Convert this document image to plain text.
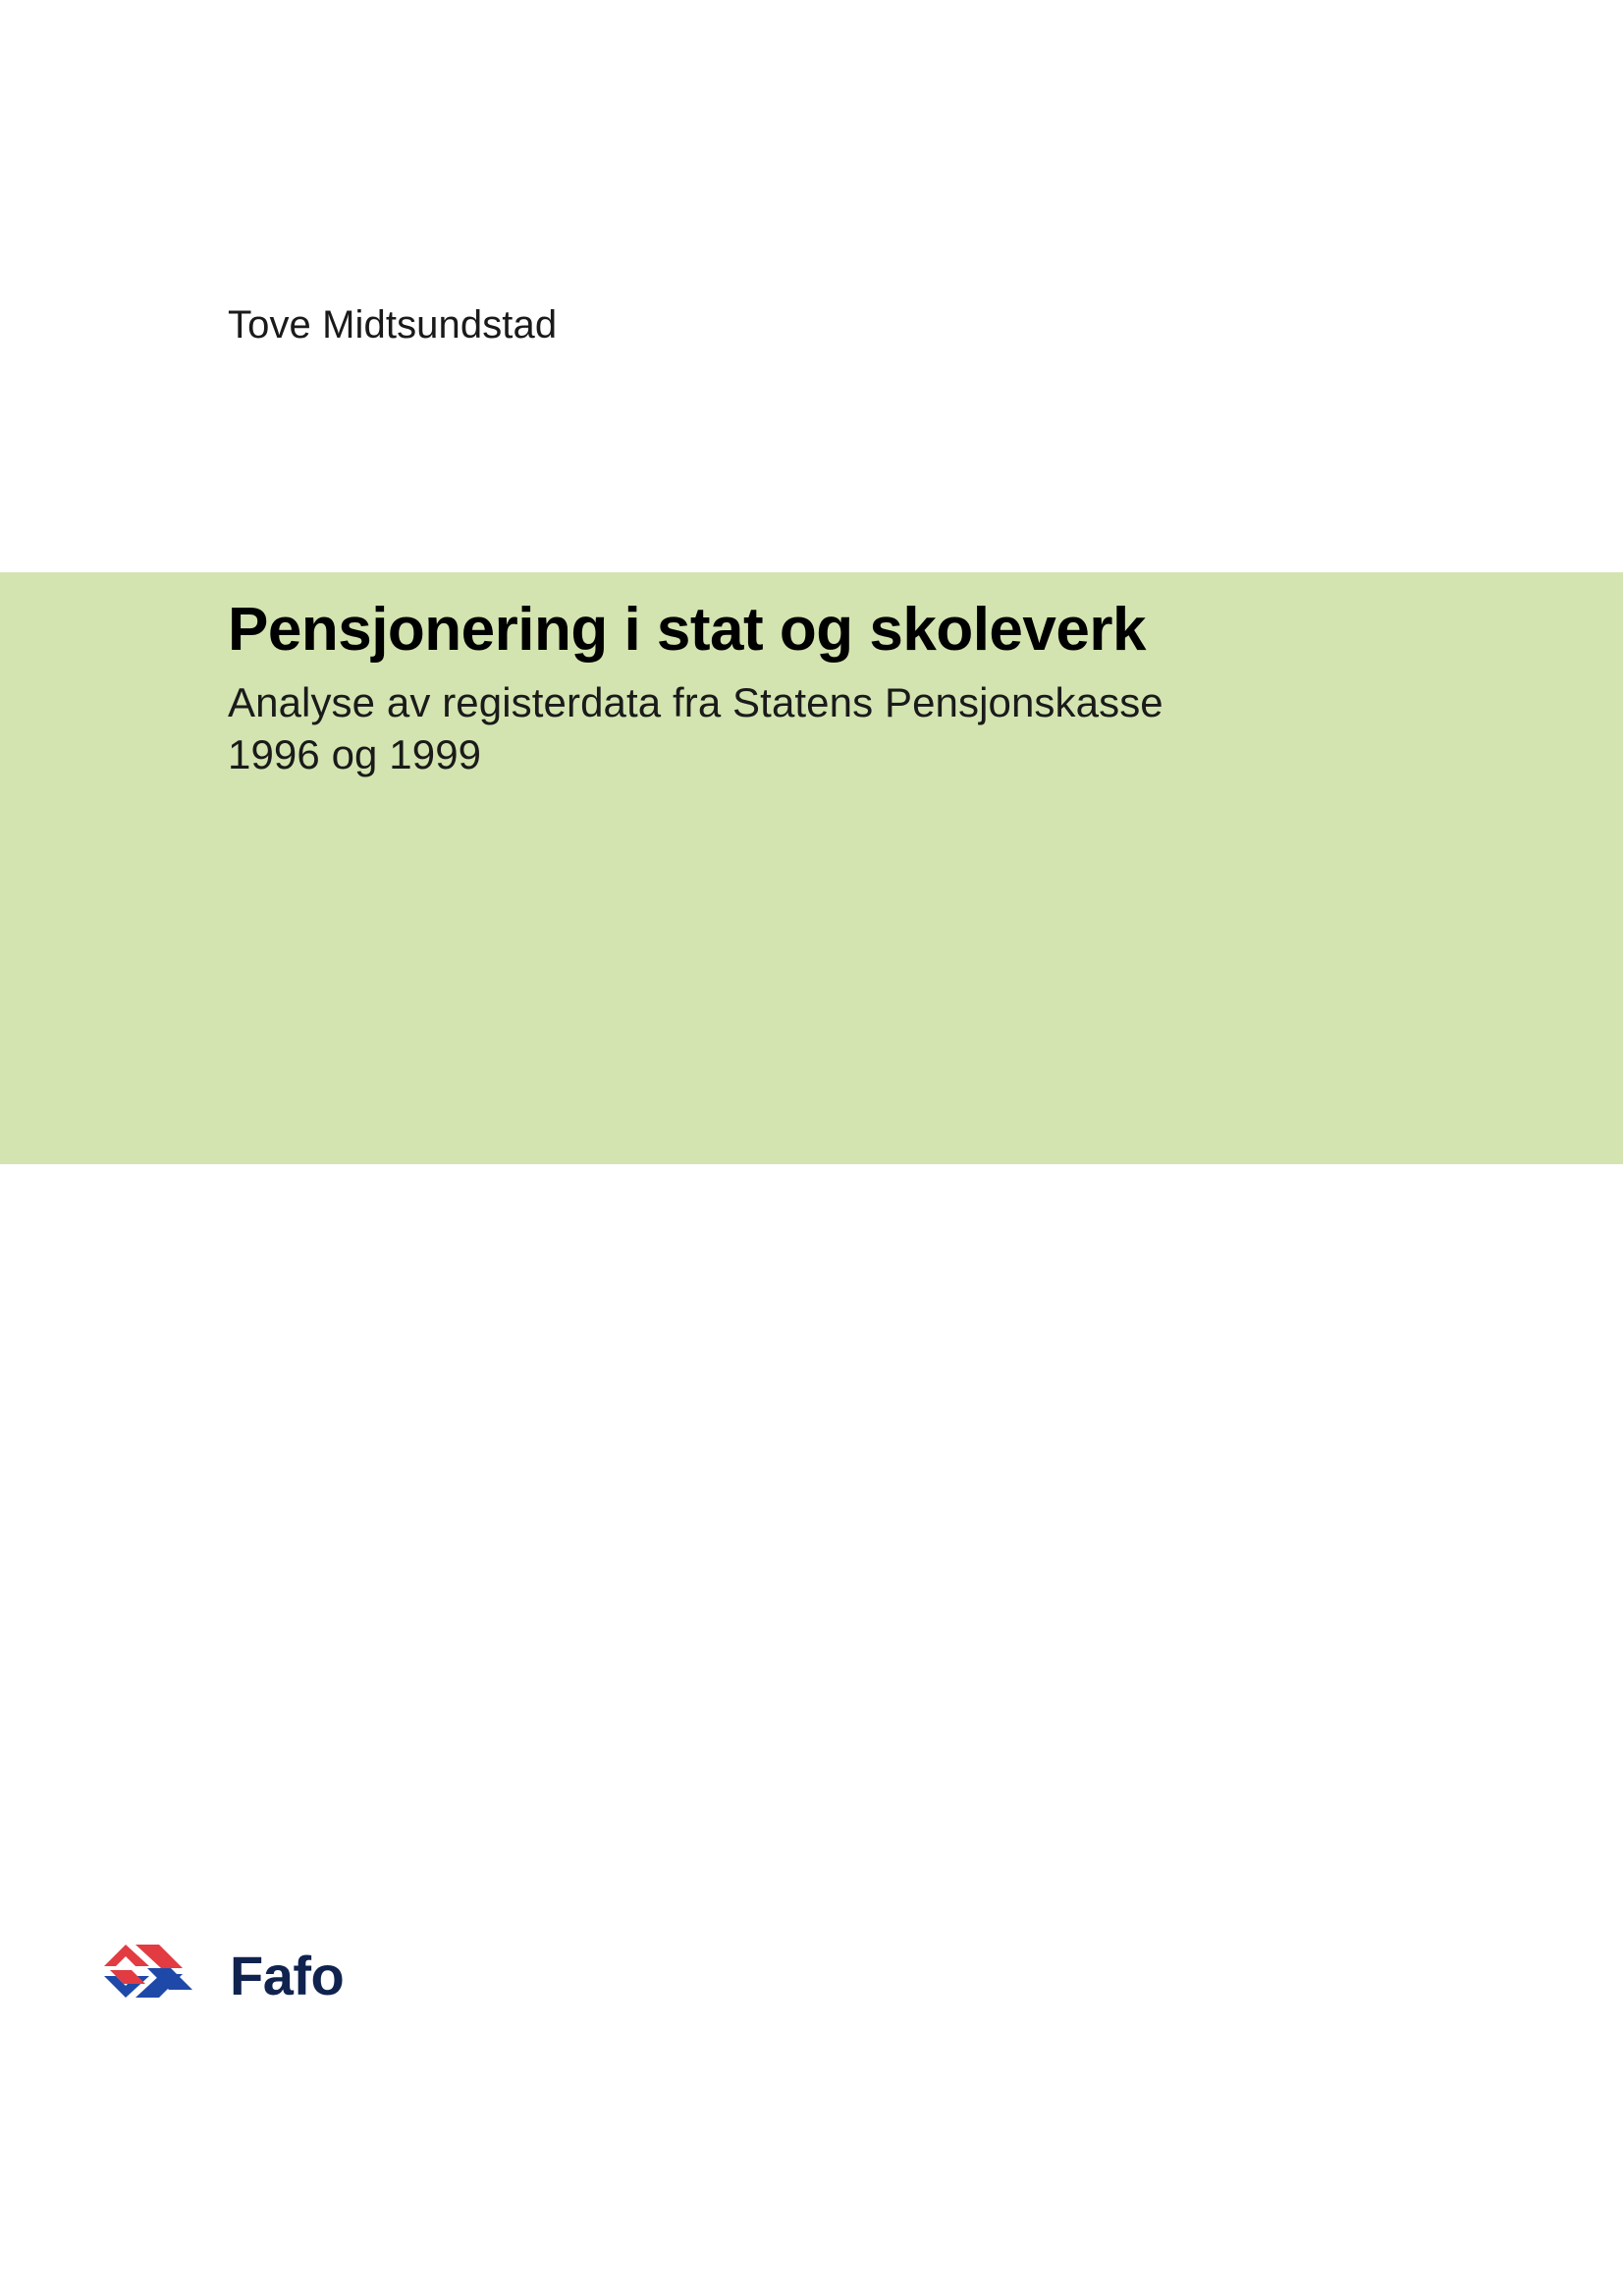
Tove Midtsundstad
Pensjonering i stat og skoleverk

Analyse av registerdata fra Statens Pensjonskasse

1996 og 1999

Fafo
